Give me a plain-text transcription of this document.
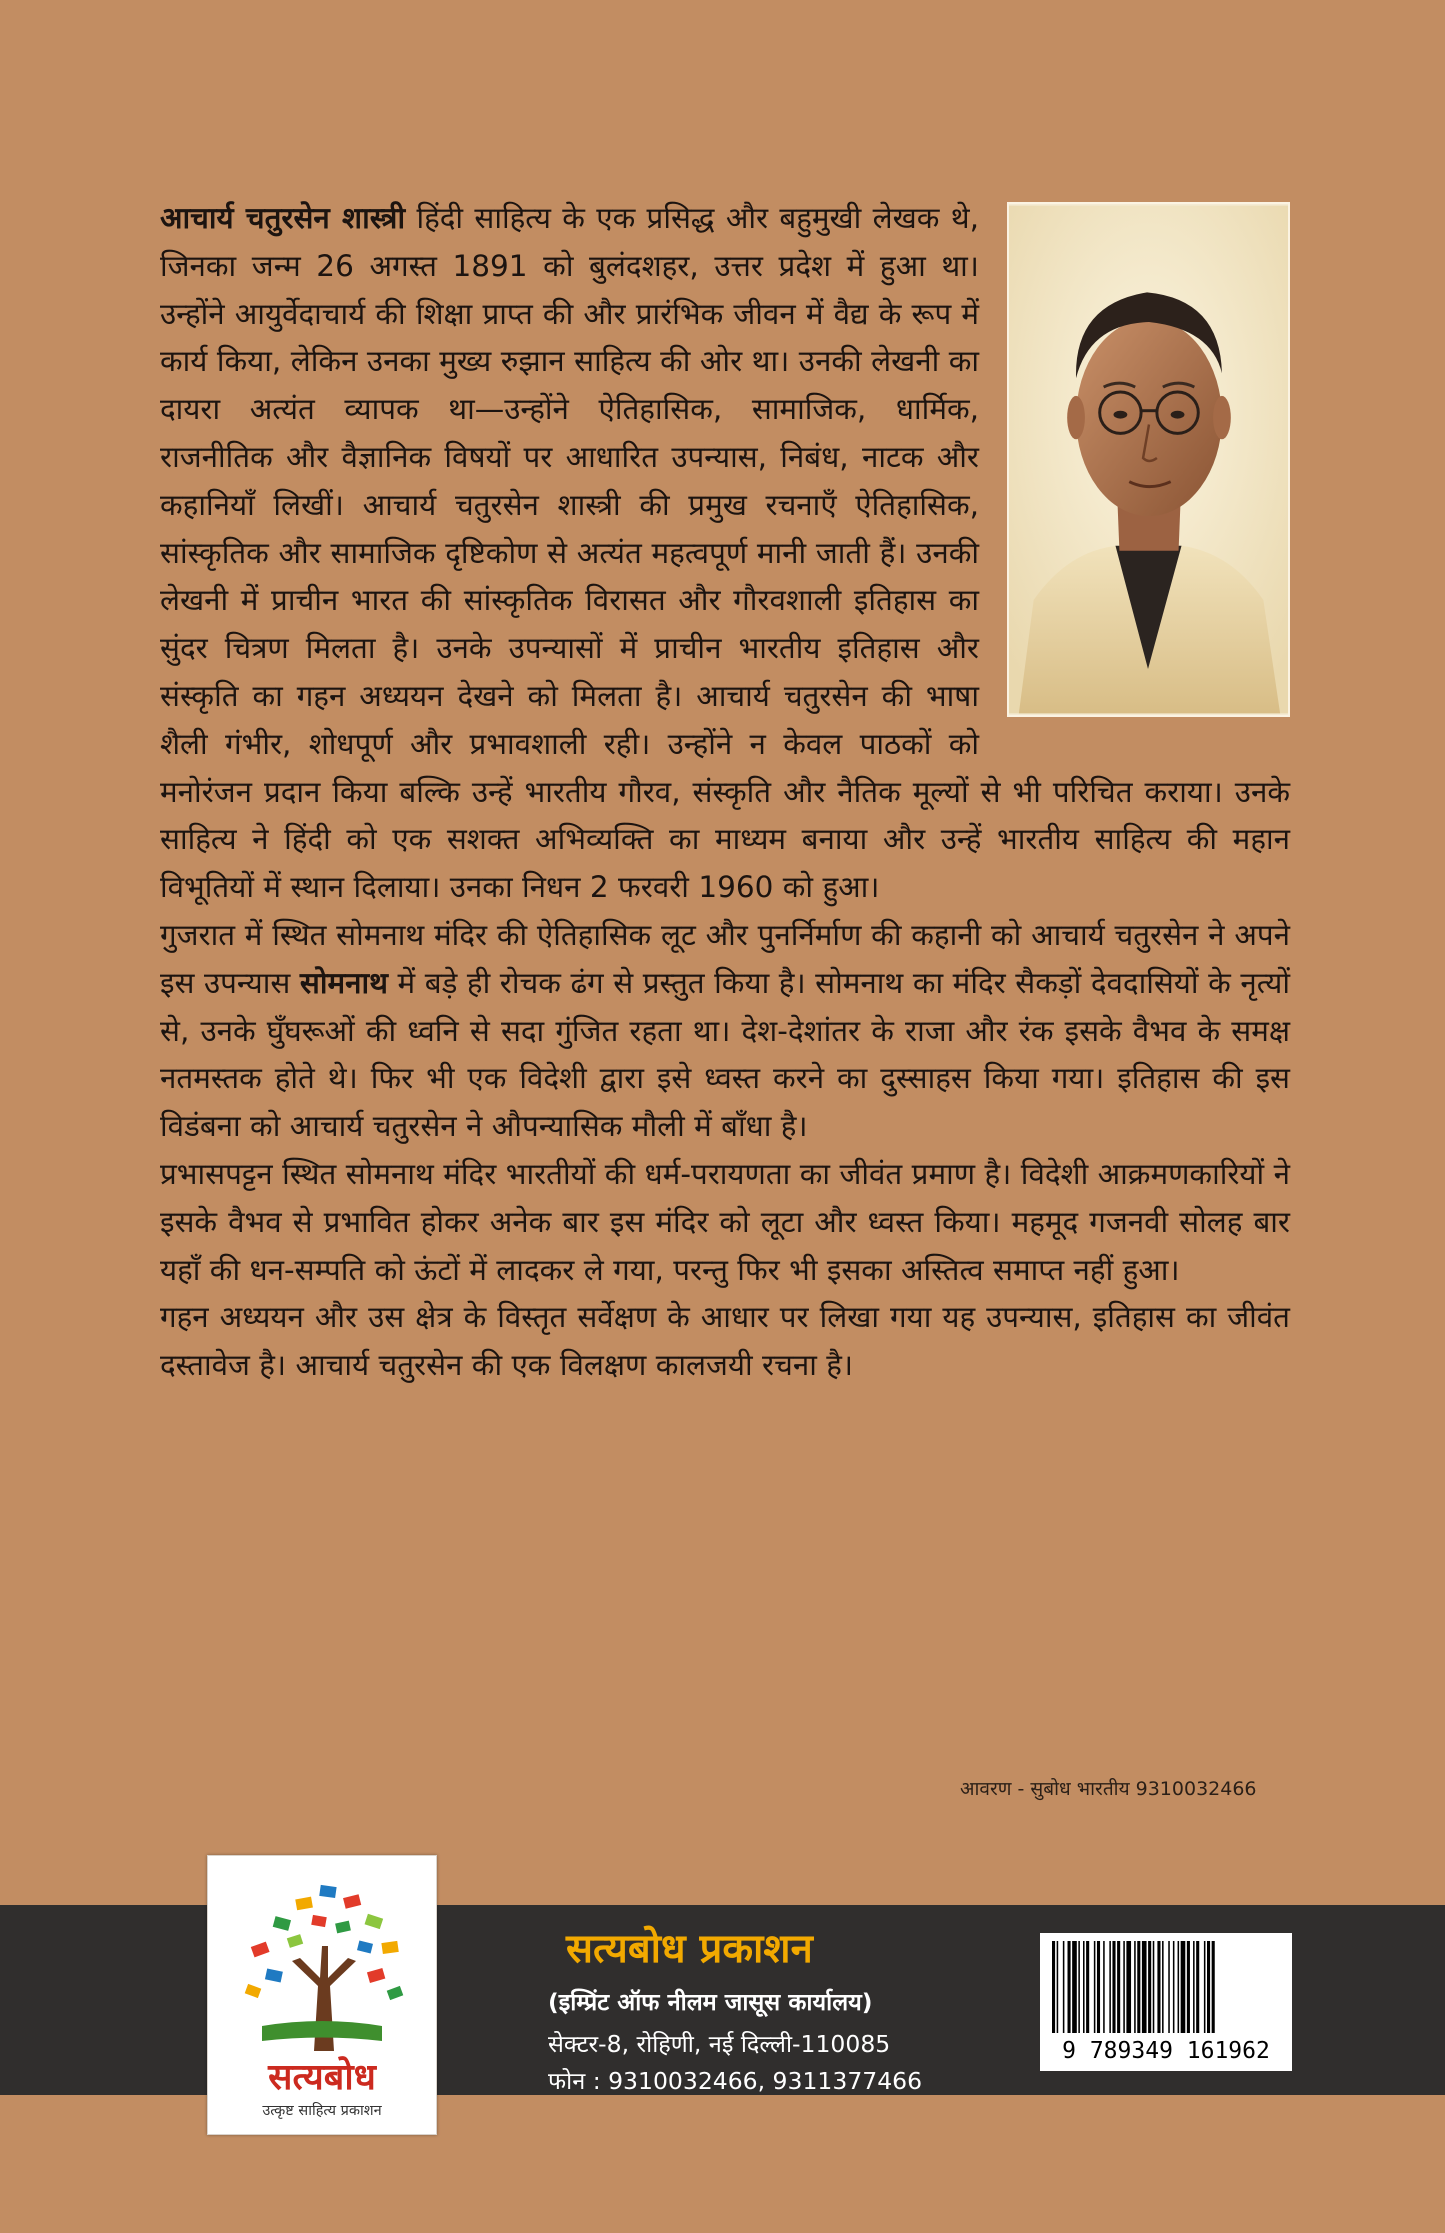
आचार्य चतुरसेन शास्त्री हिंदी साहित्य के एक प्रसिद्ध और बहुमुखी लेखक थे, जिनका जन्म 26 अगस्त 1891 को बुलंदशहर, उत्तर प्रदेश में हुआ था। उन्होंने आयुर्वेदाचार्य की शिक्षा प्राप्त की और प्रारंभिक जीवन में वैद्य के रूप में कार्य किया, लेकिन उनका मुख्य रुझान साहित्य की ओर था। उनकी लेखनी का दायरा अत्यंत व्यापक था—उन्होंने ऐतिहासिक, सामाजिक, धार्मिक, राजनीतिक और वैज्ञानिक विषयों पर आधारित उपन्यास, निबंध, नाटक और कहानियाँ लिखीं। आचार्य चतुरसेन शास्त्री की प्रमुख रचनाएँ ऐतिहासिक, सांस्कृतिक और सामाजिक दृष्टिकोण से अत्यंत महत्वपूर्ण मानी जाती हैं। उनकी लेखनी में प्राचीन भारत की सांस्कृतिक विरासत और गौरवशाली इतिहास का सुंदर चित्रण मिलता है। उनके उपन्यासों में प्राचीन भारतीय इतिहास और संस्कृति का गहन अध्ययन देखने को मिलता है। आचार्य चतुरसेन की भाषा शैली गंभीर, शोधपूर्ण और प्रभावशाली रही। उन्होंने न केवल पाठकों को मनोरंजन प्रदान किया बल्कि उन्हें भारतीय गौरव, संस्कृति और नैतिक मूल्यों से भी परिचित कराया। उनके साहित्य ने हिंदी को एक सशक्त अभिव्यक्ति का माध्यम बनाया और उन्हें भारतीय साहित्य की महान विभूतियों में स्थान दिलाया। उनका निधन 2 फरवरी 1960 को हुआ।

गुजरात में स्थित सोमनाथ मंदिर की ऐतिहासिक लूट और पुनर्निर्माण की कहानी को आचार्य चतुरसेन ने अपने इस उपन्यास सोमनाथ में बड़े ही रोचक ढंग से प्रस्तुत किया है। सोमनाथ का मंदिर सैकड़ों देवदासियों के नृत्यों से, उनके घुँघरूओं की ध्वनि से सदा गुंजित रहता था। देश-देशांतर के राजा और रंक इसके वैभव के समक्ष नतमस्तक होते थे। फिर भी एक विदेशी द्वारा इसे ध्वस्त करने का दुस्साहस किया गया। इतिहास की इस विडंबना को आचार्य चतुरसेन ने औपन्यासिक मौली में बाँधा है।

प्रभासपट्टन स्थित सोमनाथ मंदिर भारतीयों की धर्म-परायणता का जीवंत प्रमाण है। विदेशी आक्रमणकारियों ने इसके वैभव से प्रभावित होकर अनेक बार इस मंदिर को लूटा और ध्वस्त किया। महमूद गजनवी सोलह बार यहाँ की धन-सम्पति को ऊंटों में लादकर ले गया, परन्तु फिर भी इसका अस्तित्व समाप्त नहीं हुआ।

गहन अध्ययन और उस क्षेत्र के विस्तृत सर्वेक्षण के आधार पर लिखा गया यह उपन्यास, इतिहास का जीवंत दस्तावेज है। आचार्य चतुरसेन की एक विलक्षण कालजयी रचना है।

आवरण - सुबोध भारतीय 9310032466
सत्यबोध
उत्कृष्ट साहित्य प्रकाशन
सत्यबोध प्रकाशन
(इम्प्रिंट ऑफ नीलम जासूस कार्यालय)
सेक्टर-8, रोहिणी, नई दिल्ली-110085
फोन : 9310032466, 9311377466
9 789349 161962
